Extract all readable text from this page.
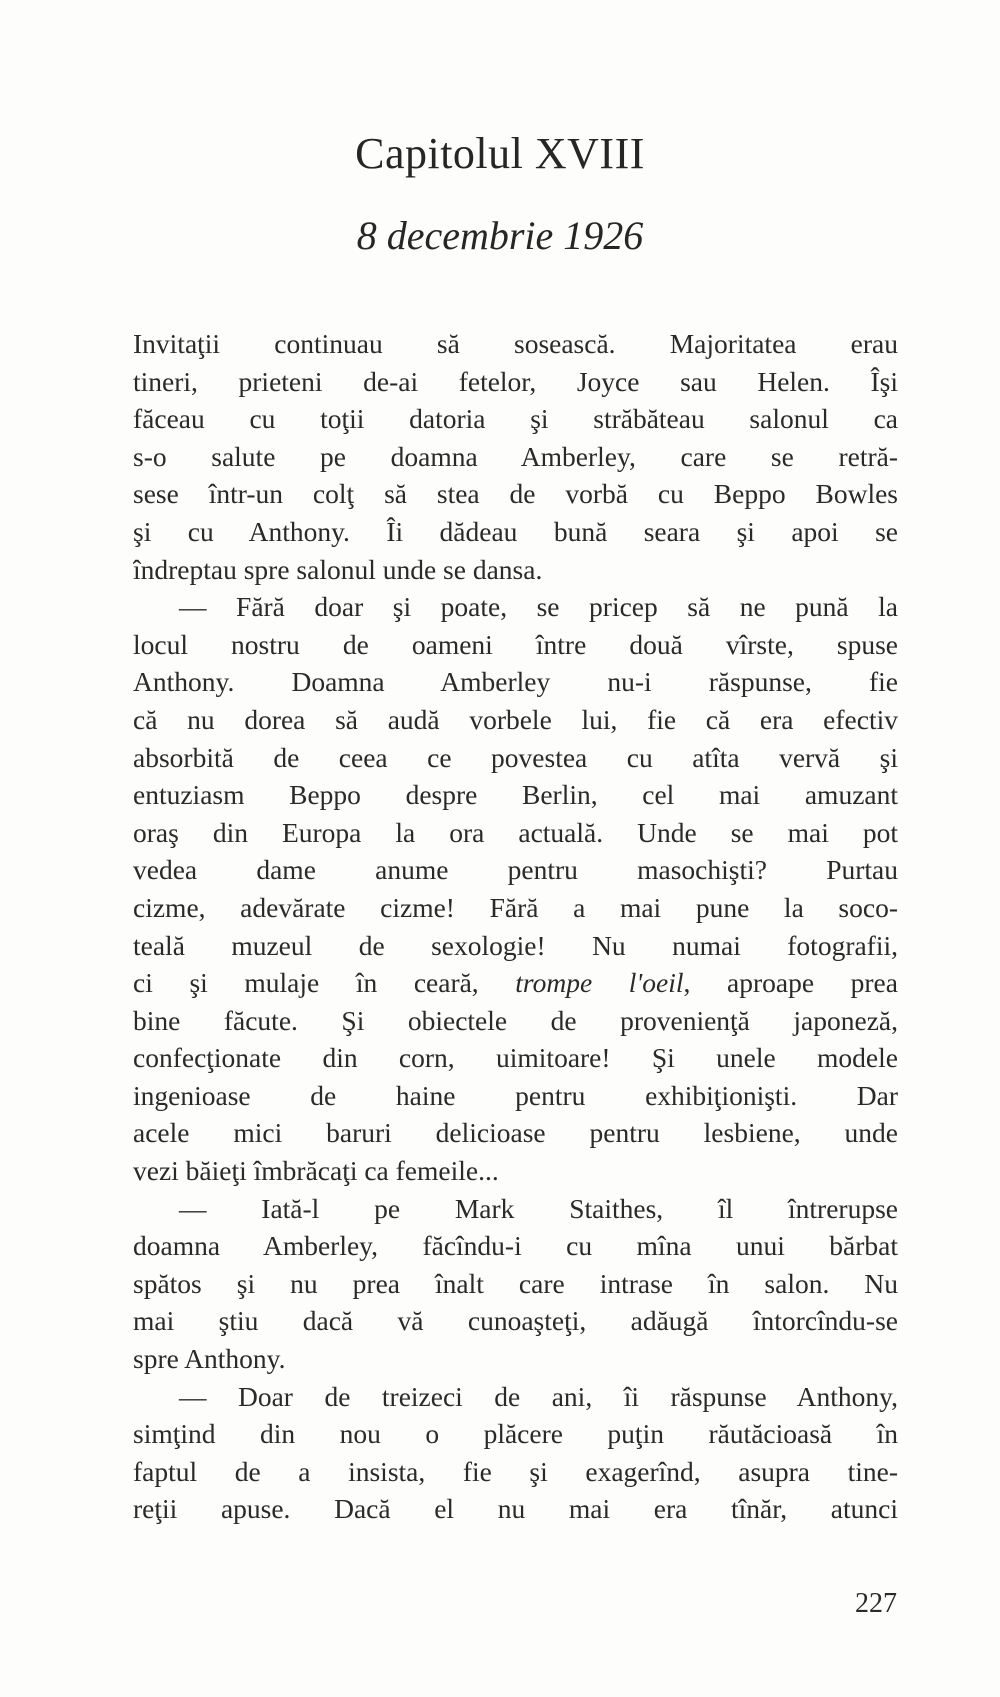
Capitolul XVIII
8 decembrie 1926
Invitaţii continuau să sosească. Majoritatea erau
tineri, prieteni de-ai fetelor, Joyce sau Helen. Îşi
făceau cu toţii datoria şi străbăteau salonul ca
s-o salute pe doamna Amberley, care se retră-
sese într-un colţ să stea de vorbă cu Beppo Bowles
şi cu Anthony. Îi dădeau bună seara şi apoi se
îndreptau spre salonul unde se dansa.
— Fără doar şi poate, se pricep să ne pună la
locul nostru de oameni între două vîrste, spuse
Anthony. Doamna Amberley nu-i răspunse, fie
că nu dorea să audă vorbele lui, fie că era efectiv
absorbită de ceea ce povestea cu atîta vervă şi
entuziasm Beppo despre Berlin, cel mai amuzant
oraş din Europa la ora actuală. Unde se mai pot
vedea dame anume pentru masochişti? Purtau
cizme, adevărate cizme! Fără a mai pune la soco-
teală muzeul de sexologie! Nu numai fotografii,
ci şi mulaje în ceară, trompe l'oeil, aproape prea
bine făcute. Şi obiectele de provenienţă japoneză,
confecţionate din corn, uimitoare! Şi unele modele
ingenioase de haine pentru exhibiţionişti. Dar
acele mici baruri delicioase pentru lesbiene, unde
vezi băieţi îmbrăcaţi ca femeile...
— Iată-l pe Mark Staithes, îl întrerupse
doamna Amberley, făcîndu-i cu mîna unui bărbat
spătos şi nu prea înalt care intrase în salon. Nu
mai ştiu dacă vă cunoaşteţi, adăugă întorcîndu-se
spre Anthony.
— Doar de treizeci de ani, îi răspunse Anthony,
simţind din nou o plăcere puţin răutăcioasă în
faptul de a insista, fie şi exagerînd, asupra tine-
reţii apuse. Dacă el nu mai era tînăr, atunci
227
